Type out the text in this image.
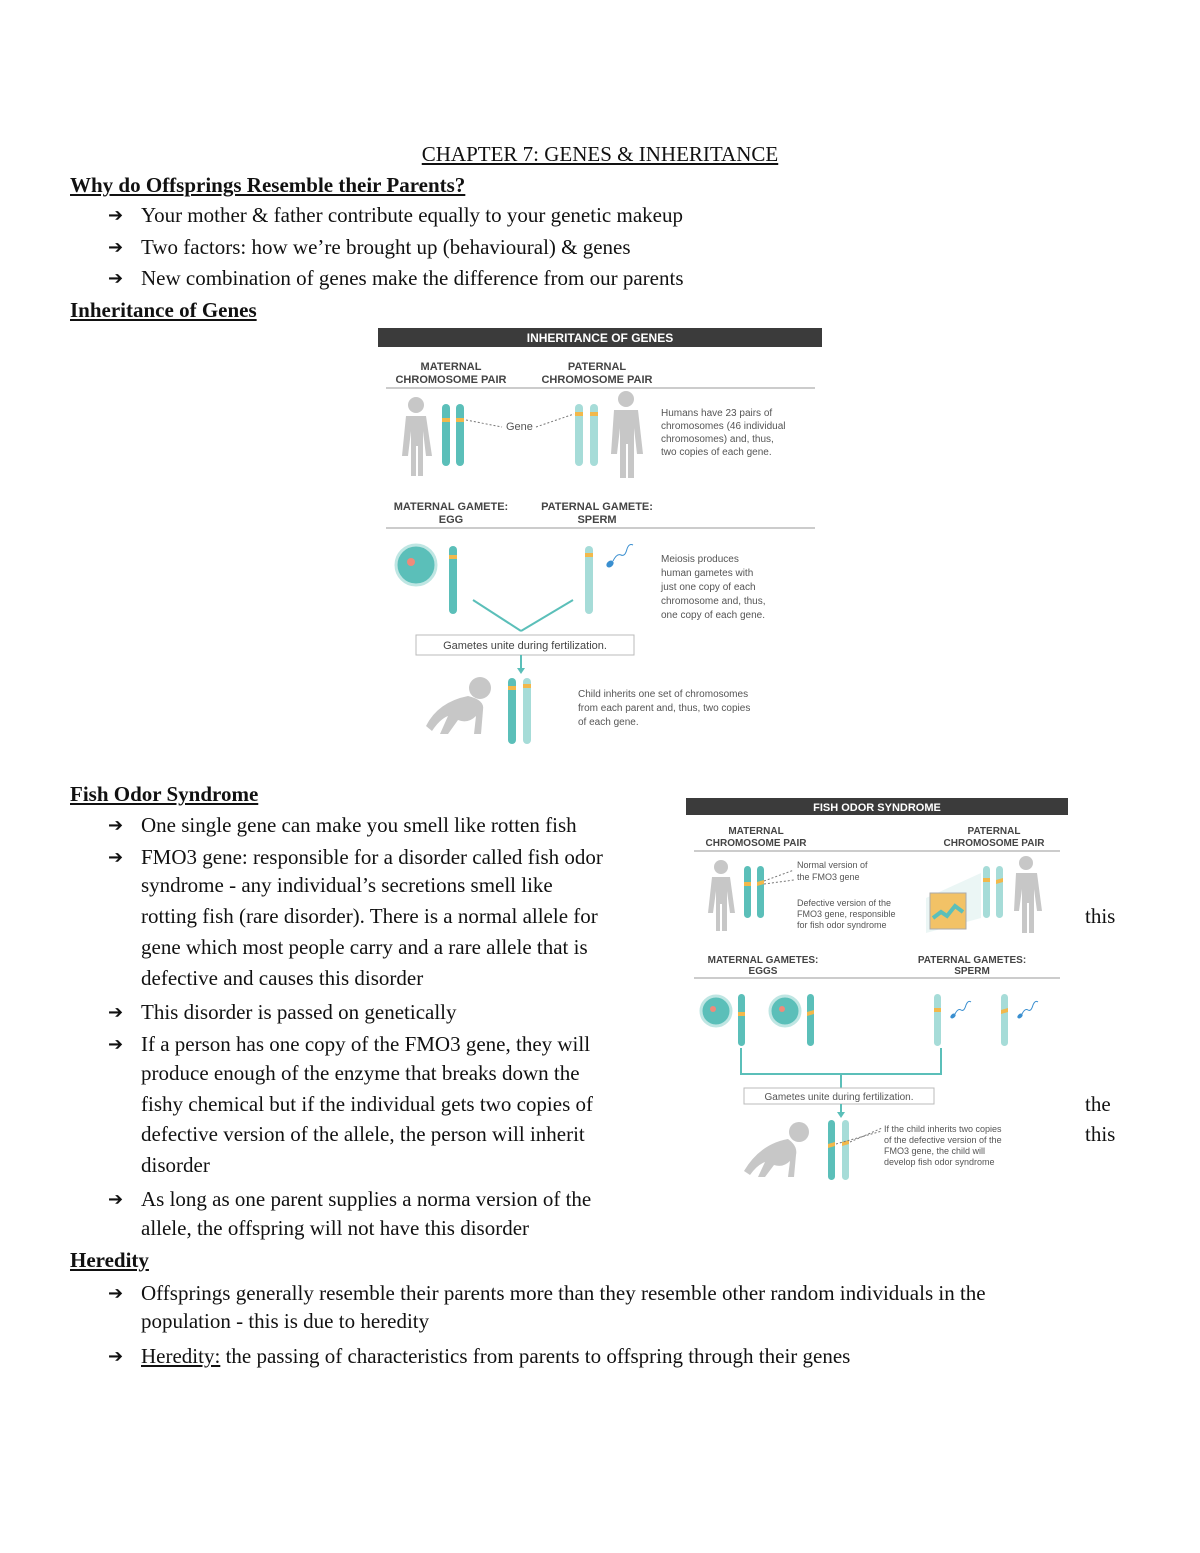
CHAPTER 7: GENES & INHERITANCE
Why do Offsprings Resemble their Parents?
➔ Your mother & father contribute equally to your genetic makeup
➔ Two factors: how we’re brought up (behavioural) & genes
➔ New combination of genes make the difference from our parents
Inheritance of Genes
INHERITANCE OF GENES
MATERNAL
CHROMOSOME PAIR
PATERNAL
CHROMOSOME PAIR
Gene
Humans have 23 pairs of
chromosomes (46 individual
chromosomes) and, thus,
two copies of each gene.
MATERNAL GAMETE:
EGG
PATERNAL GAMETE:
SPERM
Meiosis produces
human gametes with
just one copy of each
chromosome and, thus,
one copy of each gene.
Gametes unite during fertilization.
Child inherits one set of chromosomes
from each parent and, thus, two copies
of each gene.
Fish Odor Syndrome
➔ One single gene can make you smell like rotten fish
➔ FMO3 gene: responsible for a disorder called fish odor
syndrome - any individual’s secretions smell like
rotting fish (rare disorder). There is a normal allele for
gene which most people carry and a rare allele that is
defective and causes this disorder
➔ This disorder is passed on genetically
➔ If a person has one copy of the FMO3 gene, they will
produce enough of the enzyme that breaks down the
fishy chemical but if the individual gets two copies of
defective version of the allele, the person will inherit
disorder
➔ As long as one parent supplies a norma version of the
allele, the offspring will not have this disorder
this
the
this
FISH ODOR SYNDROME
MATERNAL
CHROMOSOME PAIR
PATERNAL
CHROMOSOME PAIR
Normal version of
the FMO3 gene
Defective version of the
FMO3 gene, responsible
for fish odor syndrome
MATERNAL GAMETES:
EGGS
PATERNAL GAMETES:
SPERM
Gametes unite during fertilization.
If the child inherits two copies
of the defective version of the
FMO3 gene, the child will
develop fish odor syndrome
Heredity
➔ Offsprings generally resemble their parents more than they resemble other random individuals in the
population - this is due to heredity
➔ Heredity: the passing of characteristics from parents to offspring through their genes
